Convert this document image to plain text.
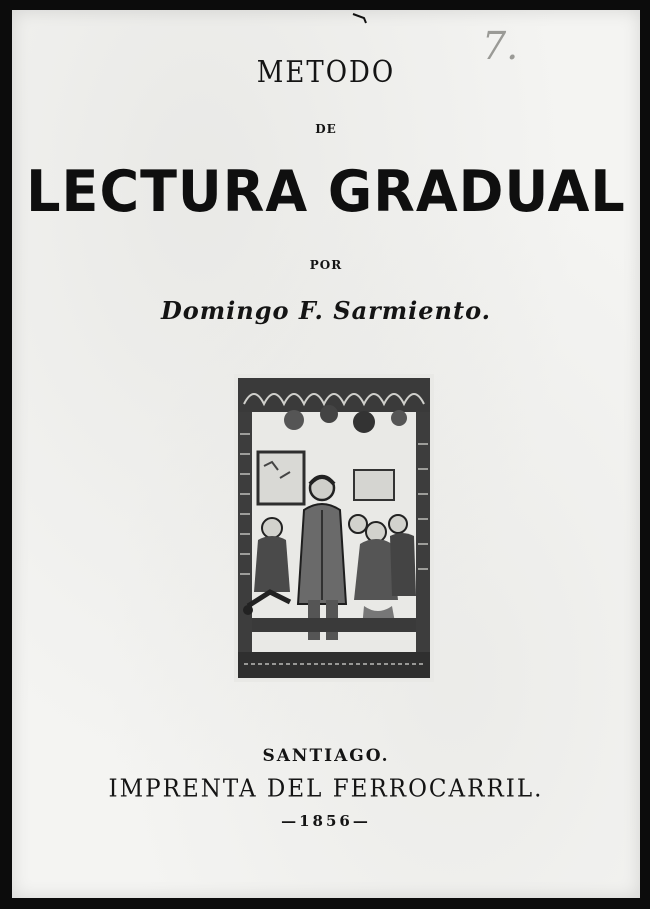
7.
METODO
DE
LECTURA GRADUAL
POR
Domingo F. Sarmiento.
SANTIAGO.
IMPRENTA DEL FERROCARRIL.
—1856—
